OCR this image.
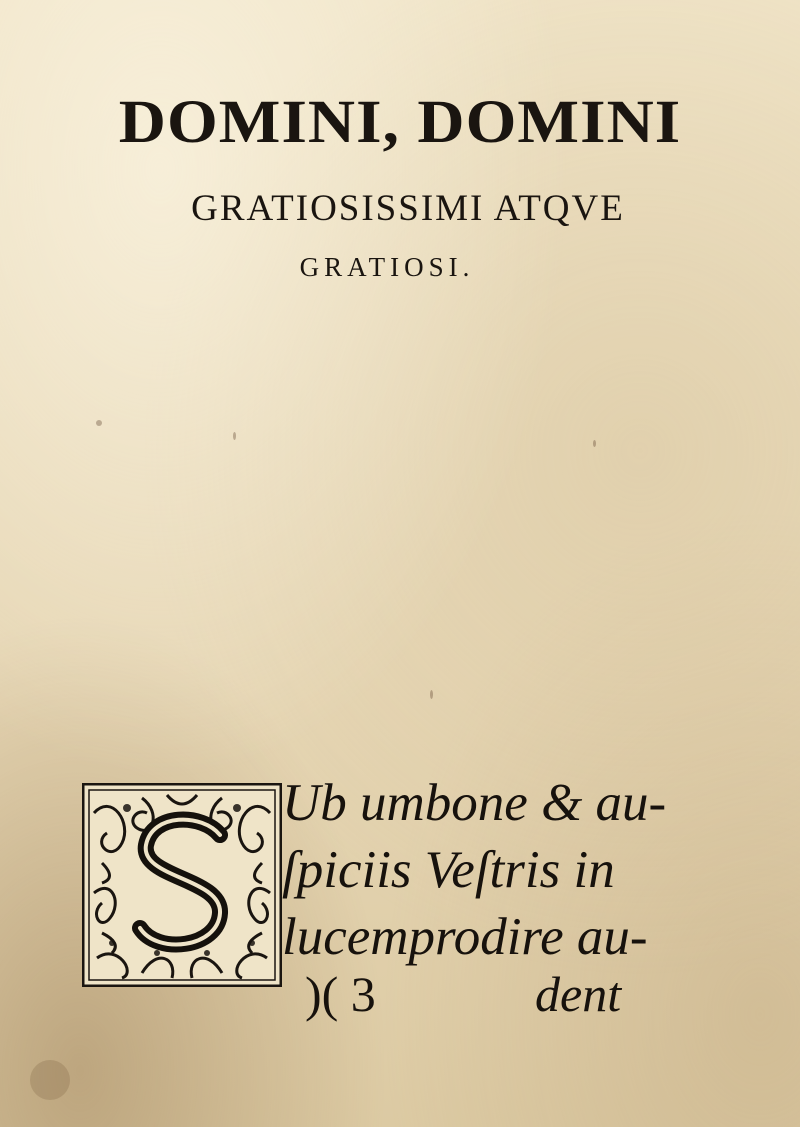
DOMINI, DOMINI
GRATIOSISSIMI ATQVE
GRATIOSI.
Ub umbone & au-
ſpiciis Veſtris in
lucemprodire au-
)( 3	dent
